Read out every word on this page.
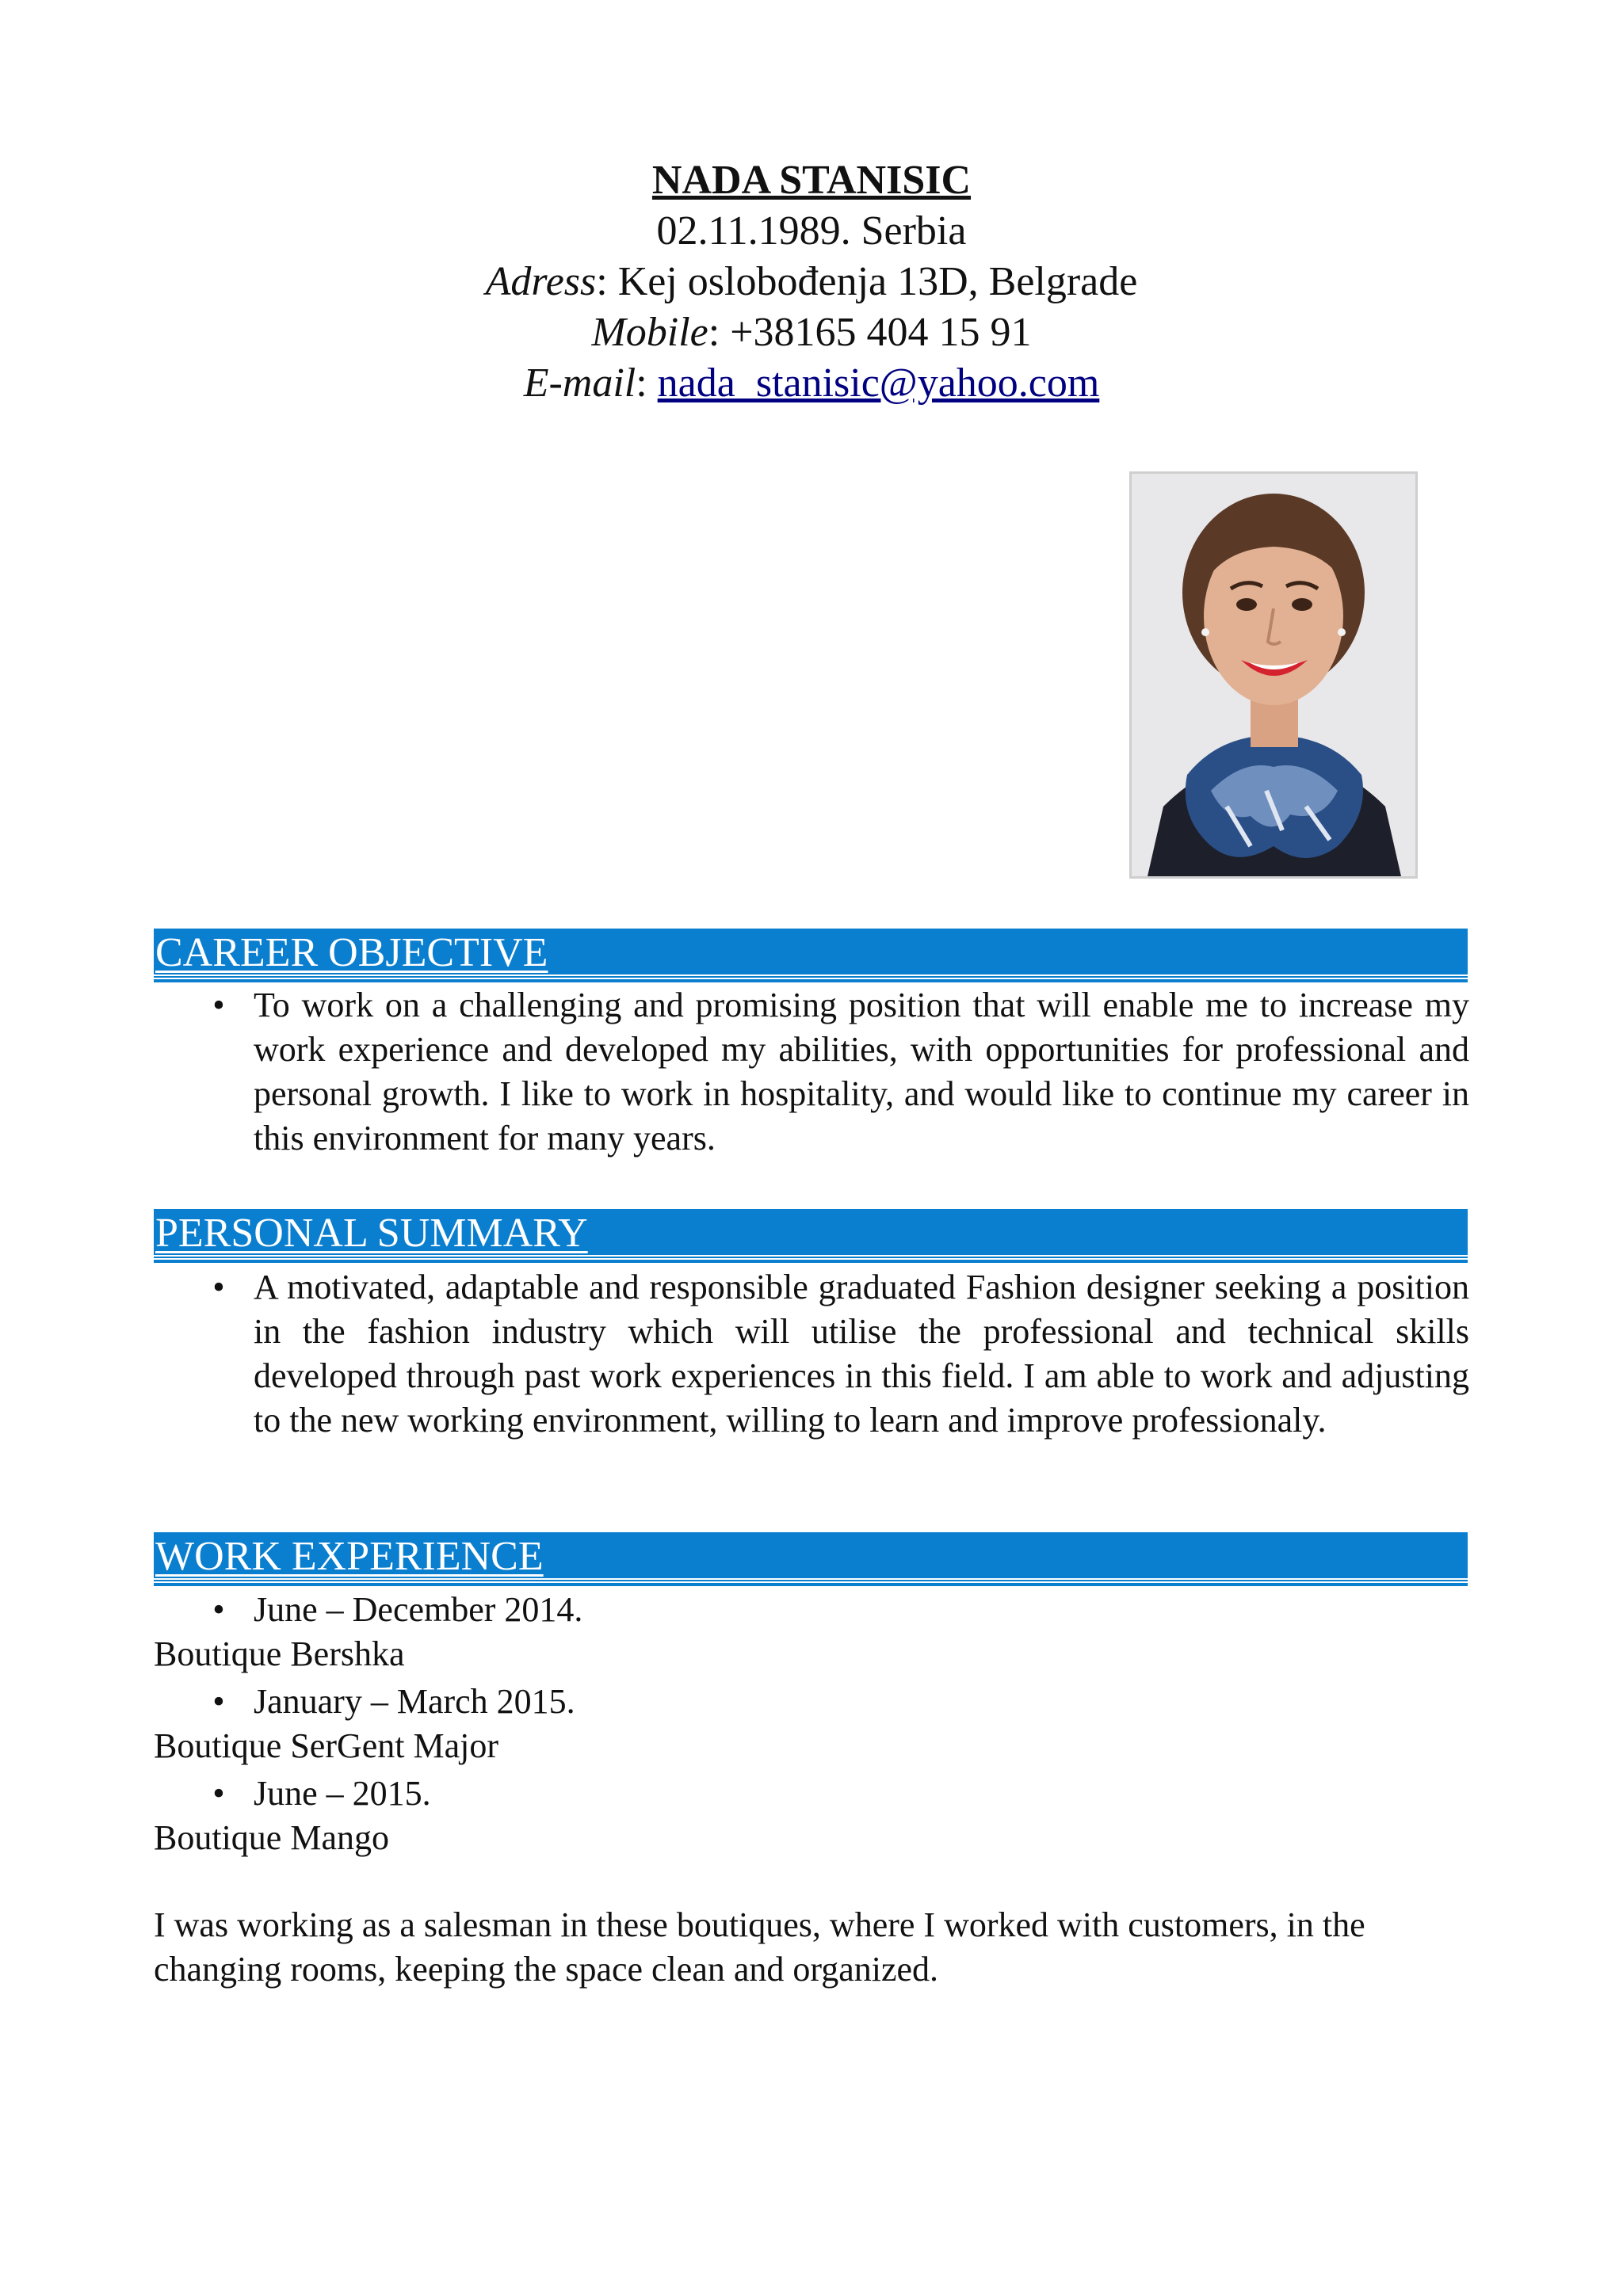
NADA STANISIC
02.11.1989. Serbia
Adress: Kej oslobođenja 13D, Belgrade
Mobile: +38165 404 15 91
E-mail: nada_stanisic@yahoo.com
CAREER OBJECTIVE
• To work on a challenging and promising position that will enable me to increase my work experience and developed my abilities, with opportunities for professional and personal growth. I like to work in hospitality, and would like to continue my career in this environment for many years.
PERSONAL SUMMARY
• A motivated, adaptable and responsible graduated Fashion designer seeking a position in the fashion industry which will utilise the professional and technical skills developed through past work experiences in this field. I am able to work and adjusting to the new working environment, willing to learn and improve professionaly.
WORK EXPERIENCE
• June – December 2014.
Boutique Bershka
• January – March 2015.
Boutique SerGent Major
• June – 2015.
Boutique Mango
I was working as a salesman in these boutiques, where I worked with customers, in the changing rooms, keeping the space clean and organized.
